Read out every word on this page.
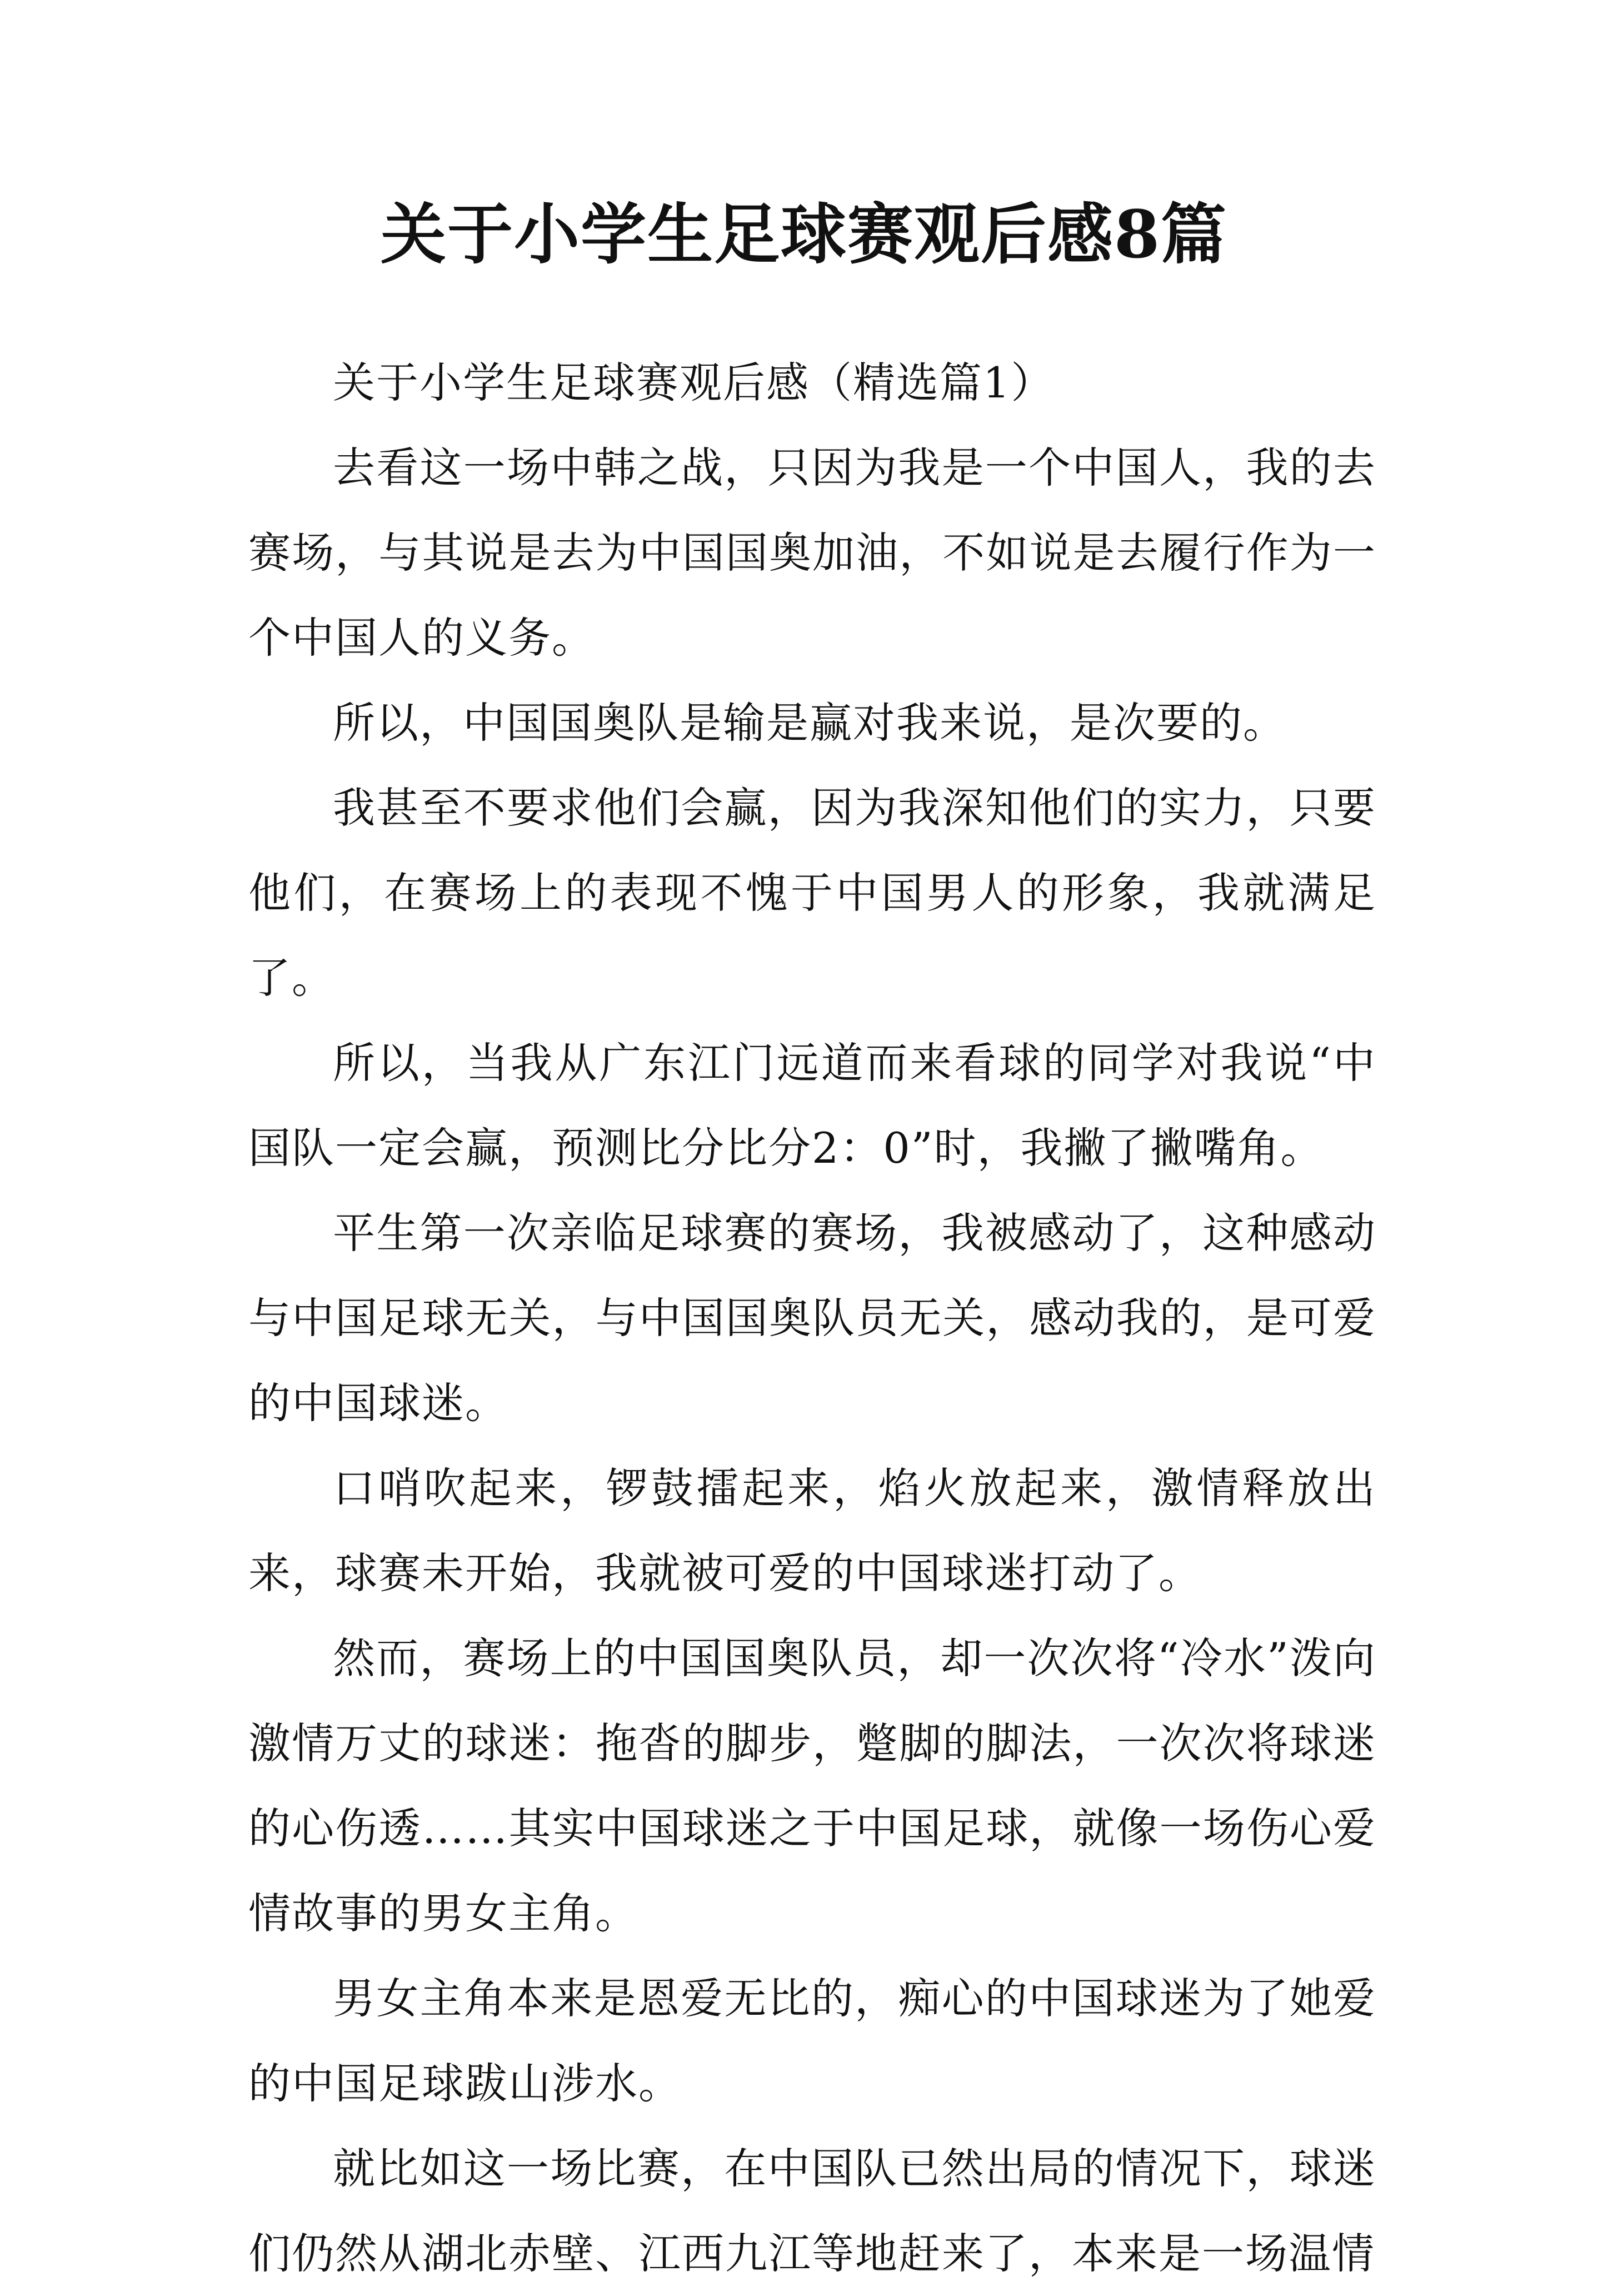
关于小学生足球赛观后感8篇

关于小学生足球赛观后感（精选篇1）

去看这一场中韩之战，只因为我是一个中国人，我的去赛场，与其说是去为中国国奥加油，不如说是去履行作为一个中国人的义务。

所以，中国国奥队是输是赢对我来说，是次要的。

我甚至不要求他们会赢，因为我深知他们的实力，只要他们，在赛场上的表现不愧于中国男人的形象，我就满足了。

所以，当我从广东江门远道而来看球的同学对我说“中国队一定会赢，预测比分比分2：0”时，我撇了撇嘴角。

平生第一次亲临足球赛的赛场，我被感动了，这种感动与中国足球无关，与中国国奥队员无关，感动我的，是可爱的中国球迷。

口哨吹起来，锣鼓擂起来，焰火放起来，激情释放出来，球赛未开始，我就被可爱的中国球迷打动了。

然而，赛场上的中国国奥队员，却一次次将“冷水”泼向激情万丈的球迷：拖沓的脚步，蹩脚的脚法，一次次将球迷的心伤透……其实中国球迷之于中国足球，就像一场伤心爱情故事的男女主角。

男女主角本来是恩爱无比的，痴心的中国球迷为了她爱的中国足球跋山涉水。

就比如这一场比赛，在中国队已然出局的情况下，球迷们仍然从湖北赤壁、江西九江等地赶来了，本来是一场温情
